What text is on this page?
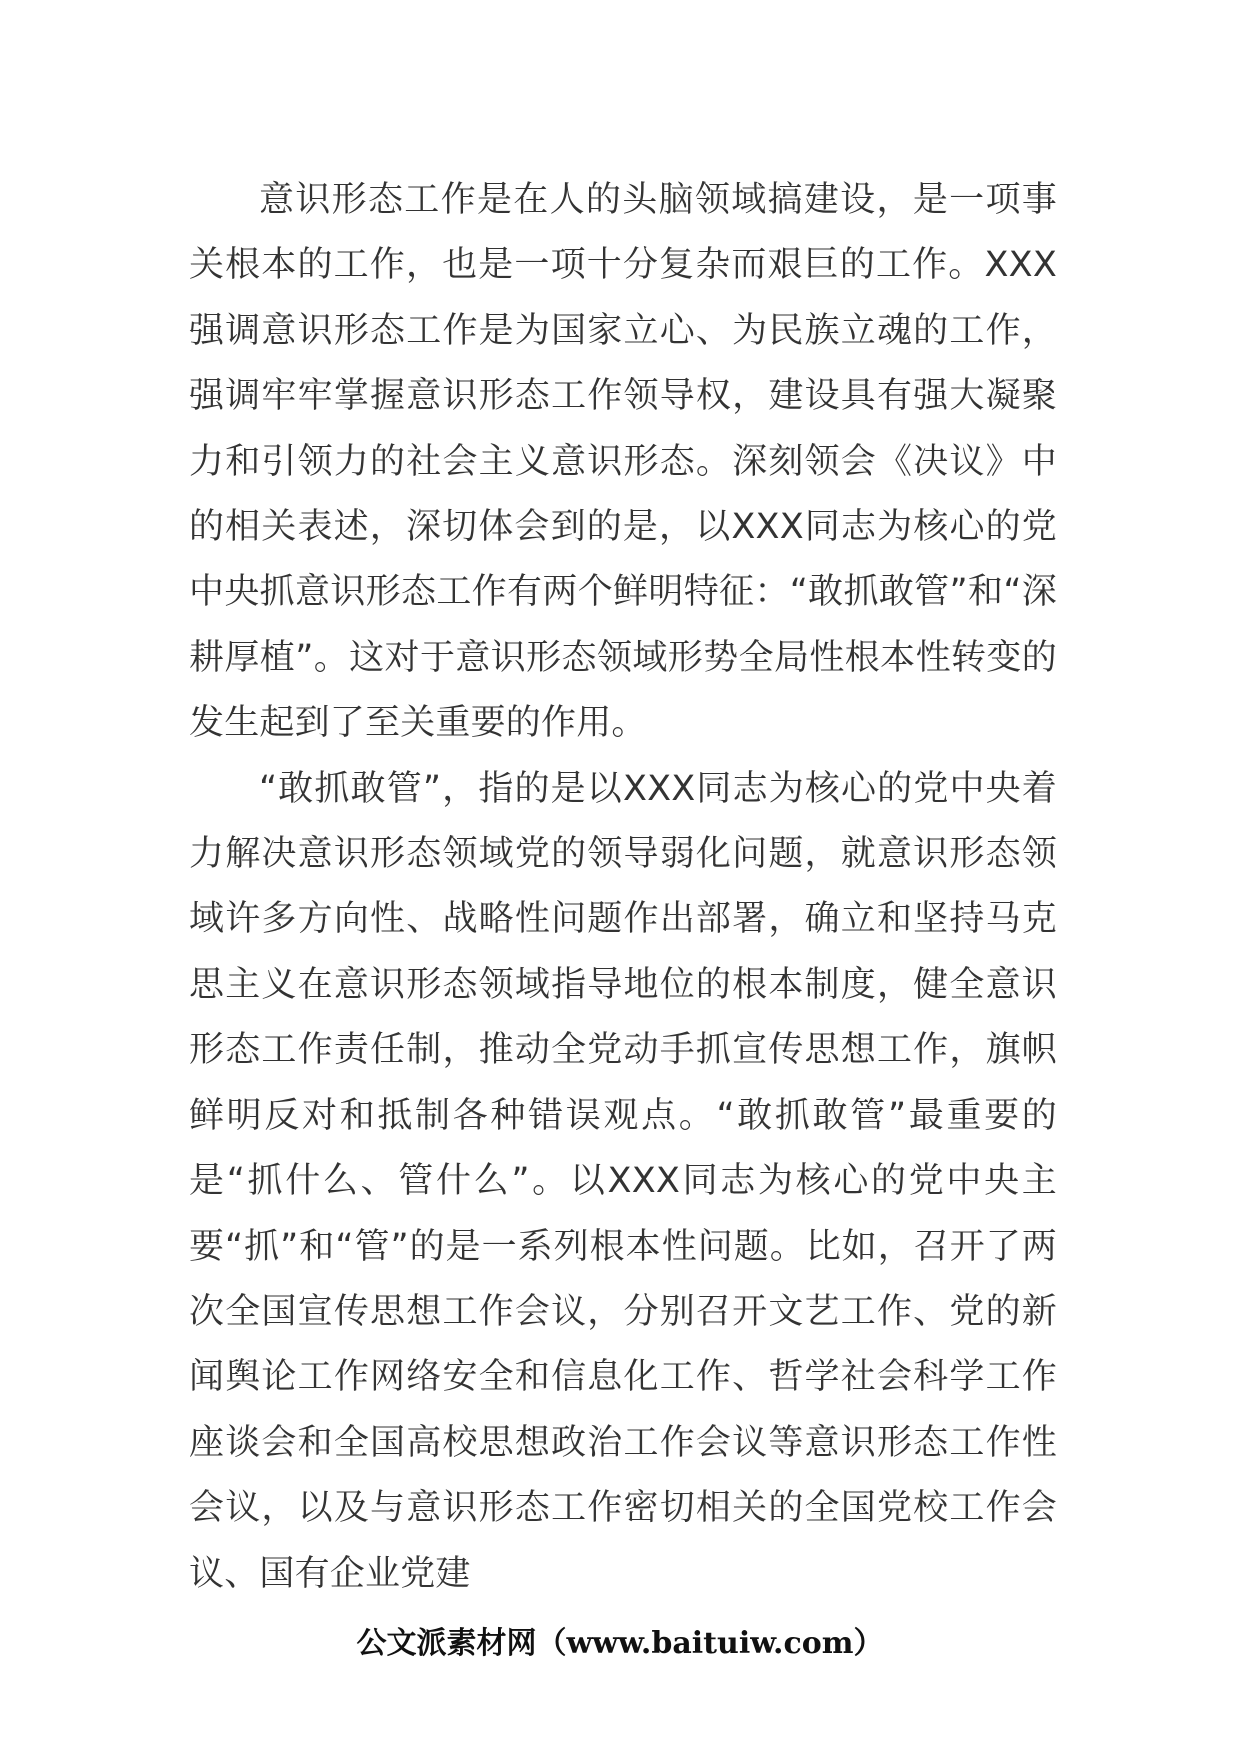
意识形态工作是在人的头脑领域搞建设，是一项事关根本的工作，也是一项十分复杂而艰巨的工作。XXX强调意识形态工作是为国家立心、为民族立魂的工作，强调牢牢掌握意识形态工作领导权，建设具有强大凝聚力和引领力的社会主义意识形态。深刻领会《决议》中的相关表述，深切体会到的是，以XXX同志为核心的党中央抓意识形态工作有两个鲜明特征：“敢抓敢管”和“深耕厚植”。这对于意识形态领域形势全局性根本性转变的发生起到了至关重要的作用。

“敢抓敢管”，指的是以XXX同志为核心的党中央着力解决意识形态领域党的领导弱化问题，就意识形态领域许多方向性、战略性问题作出部署，确立和坚持马克思主义在意识形态领域指导地位的根本制度，健全意识形态工作责任制，推动全党动手抓宣传思想工作，旗帜鲜明反对和抵制各种错误观点。“敢抓敢管”最重要的是“抓什么、管什么”。以XXX同志为核心的党中央主要“抓”和“管”的是一系列根本性问题。比如，召开了两次全国宣传思想工作会议，分别召开文艺工作、党的新闻舆论工作网络安全和信息化工作、哲学社会科学工作座谈会和全国高校思想政治工作会议等意识形态工作性会议，以及与意识形态工作密切相关的全国党校工作会议、国有企业党建

公文派素材网（www.baituiw.com）
